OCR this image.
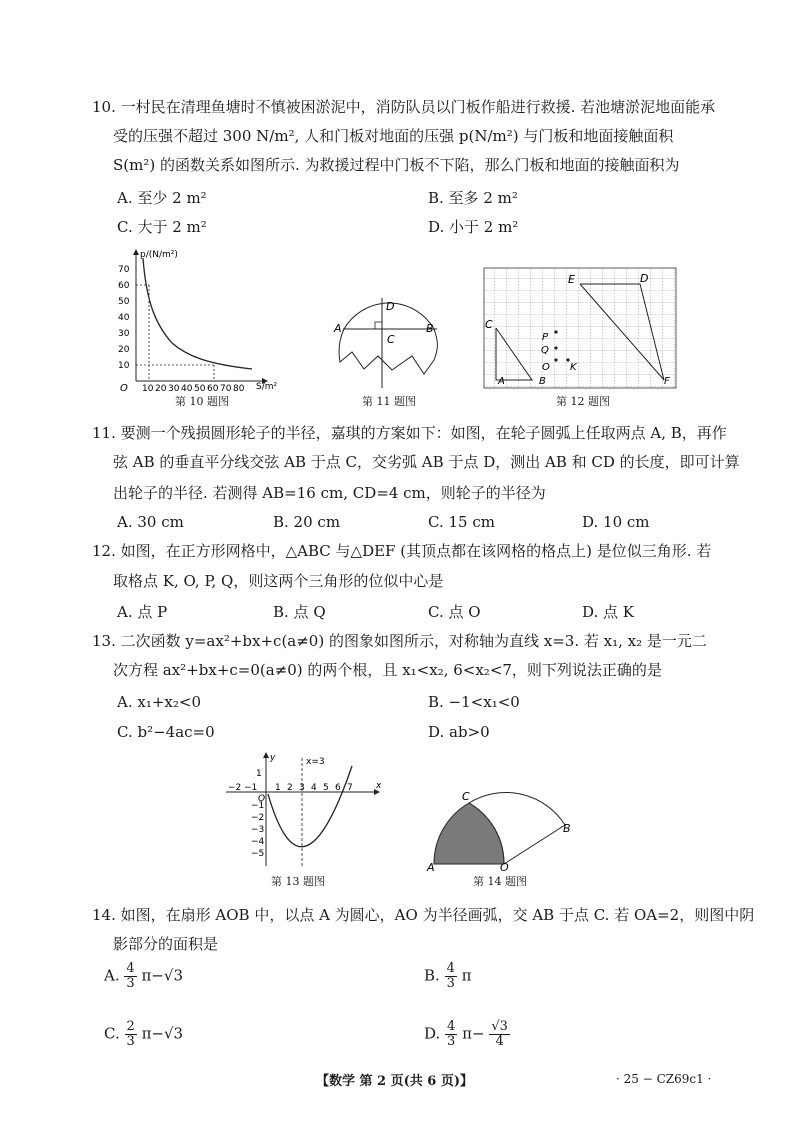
10. 一村民在清理鱼塘时不慎被困淤泥中，消防队员以门板作船进行救援. 若池塘淤泥地面能承
受的压强不超过 300 N/m², 人和门板对地面的压强 p(N/m²) 与门板和地面接触面积
S(m²) 的函数关系如图所示. 为救援过程中门板不下陷，那么门板和地面的接触面积为
A. 至少 2 m²	B. 至多 2 m²
C. 大于 2 m²	D. 小于 2 m²
p/(N/m²)
S/m²
O
70
60
50
40
30
20
10
10 20 30 40 50 60 70 80
第 10 题图
A	B
C
D
第 11 题图
E	D
C
P
Q
O K
A	B	F
第 12 题图
11. 要测一个残损圆形轮子的半径，嘉琪的方案如下：如图，在轮子圆弧上任取两点 A, B，再作
弦 AB 的垂直平分线交弦 AB 于点 C，交劣弧 AB 于点 D，测出 AB 和 CD 的长度，即可计算
出轮子的半径. 若测得 AB=16 cm, CD=4 cm，则轮子的半径为
A. 30 cm	B. 20 cm	C. 15 cm	D. 10 cm
12. 如图，在正方形网格中，△ABC 与△DEF (其顶点都在该网格的格点上) 是位似三角形. 若
取格点 K, O, P, Q，则这两个三角形的位似中心是
A. 点 P	B. 点 Q	C. 点 O	D. 点 K
13. 二次函数 y=ax²+bx+c(a≠0) 的图象如图所示，对称轴为直线 x=3. 若 x₁, x₂ 是一元二
次方程 ax²+bx+c=0(a≠0) 的两个根，且 x₁<x₂, 6<x₂<7，则下列说法正确的是
A. x₁+x₂<0	B. −1<x₁<0
C. b²−4ac=0	D. ab>0
y
x
O
x=3
−2 −1 1 2 3 4 5 6 7
1
−1
−2
−3
−4
−5
第 13 题图
A	O
B
C
第 14 题图
14. 如图，在扇形 AOB 中，以点 A 为圆心，AO 为半径画弧，交 AB 于点 C. 若 OA=2，则图中阴
影部分的面积是
A. $\frac{4}{3} \pi-√3$	B. $\frac{4}{3}$ π
C. $\frac{2}{3} \pi-√3$	D. $\frac{4}{3} \pi- \frac{√3}{4}$
【数学 第 2 页(共 6 页)】	· 25 − CZ69c1 ·
